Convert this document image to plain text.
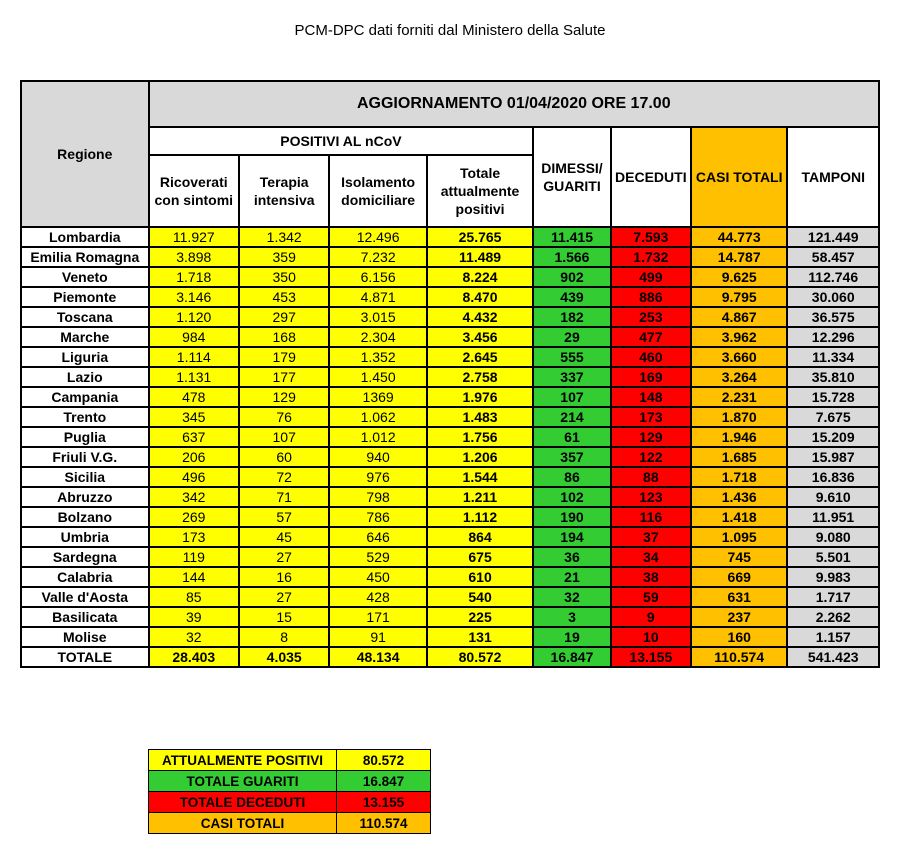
PCM-DPC dati forniti dal Ministero della Salute
Regione	AGGIORNAMENTO 01/04/2020 ORE 17.00							
	POSITIVI AL nCoV				DIMESSI/ GUARITI	DECEDUTI	CASI TOTALI	TAMPONI
	Ricoverati con sintomi	Terapia intensiva	Isolamento domiciliare	Totale attualmente positivi				
Lombardia	11.927	1.342	12.496	25.765	11.415	7.593	44.773	121.449
Emilia Romagna	3.898	359	7.232	11.489	1.566	1.732	14.787	58.457
Veneto	1.718	350	6.156	8.224	902	499	9.625	112.746
Piemonte	3.146	453	4.871	8.470	439	886	9.795	30.060
Toscana	1.120	297	3.015	4.432	182	253	4.867	36.575
Marche	984	168	2.304	3.456	29	477	3.962	12.296
Liguria	1.114	179	1.352	2.645	555	460	3.660	11.334
Lazio	1.131	177	1.450	2.758	337	169	3.264	35.810
Campania	478	129	1369	1.976	107	148	2.231	15.728
Trento	345	76	1.062	1.483	214	173	1.870	7.675
Puglia	637	107	1.012	1.756	61	129	1.946	15.209
Friuli V.G.	206	60	940	1.206	357	122	1.685	15.987
Sicilia	496	72	976	1.544	86	88	1.718	16.836
Abruzzo	342	71	798	1.211	102	123	1.436	9.610
Bolzano	269	57	786	1.112	190	116	1.418	11.951
Umbria	173	45	646	864	194	37	1.095	9.080
Sardegna	119	27	529	675	36	34	745	5.501
Calabria	144	16	450	610	21	38	669	9.983
Valle d'Aosta	85	27	428	540	32	59	631	1.717
Basilicata	39	15	171	225	3	9	237	2.262
Molise	32	8	91	131	19	10	160	1.157
TOTALE	28.403	4.035	48.134	80.572	16.847	13.155	110.574	541.423
ATTUALMENTE POSITIVI	80.572
TOTALE GUARITI	16.847
TOTALE DECEDUTI	13.155
CASI TOTALI	110.574
